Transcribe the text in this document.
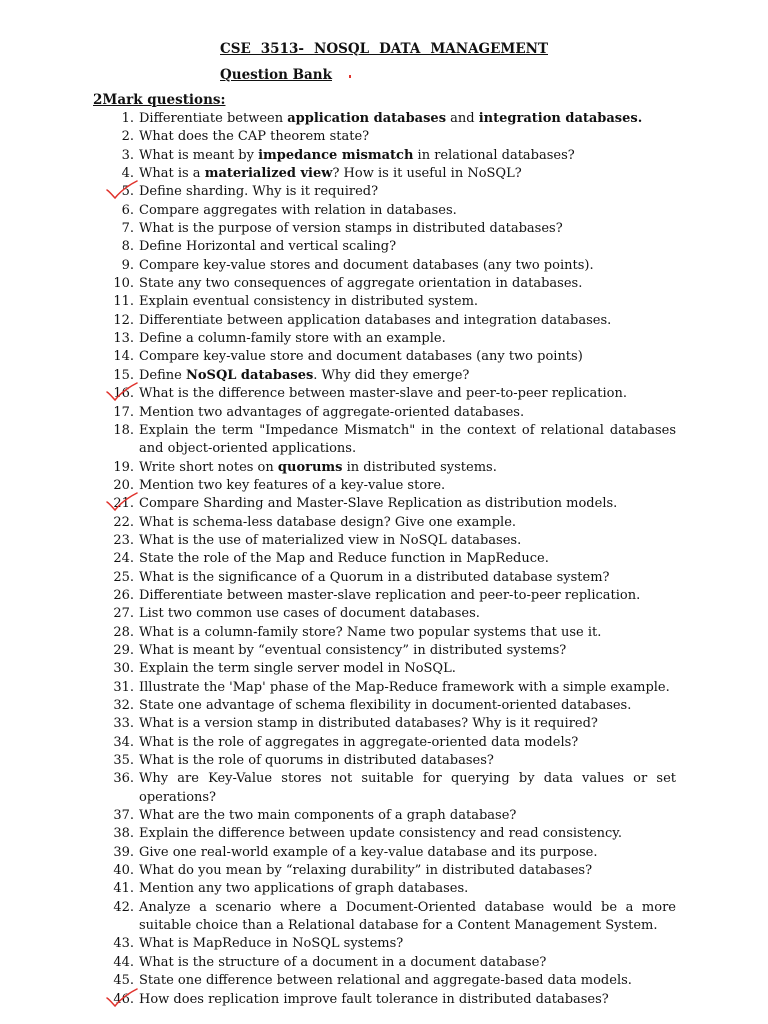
CSE 3513- NOSQL DATA MANAGEMENT
Question Bank
2Mark questions:
1. Differentiate between application databases and integration databases.
2. What does the CAP theorem state?
3. What is meant by impedance mismatch in relational databases?
4. What is a materialized view? How is it useful in NoSQL?
5. Define sharding. Why is it required?
6. Compare aggregates with relation in databases.
7. What is the purpose of version stamps in distributed databases?
8. Define Horizontal and vertical scaling?
9. Compare key-value stores and document databases (any two points).
10. State any two consequences of aggregate orientation in databases.
11. Explain eventual consistency in distributed system.
12. Differentiate between application databases and integration databases.
13. Define a column-family store with an example.
14. Compare key-value store and document databases (any two points)
15. Define NoSQL databases. Why did they emerge?
16. What is the difference between master-slave and peer-to-peer replication.
17. Mention two advantages of aggregate-oriented databases.
18. Explain the term "Impedance Mismatch" in the context of relational databases and object-oriented applications.
19. Write short notes on quorums in distributed systems.
20. Mention two key features of a key-value store.
21. Compare Sharding and Master-Slave Replication as distribution models.
22. What is schema-less database design? Give one example.
23. What is the use of materialized view in NoSQL databases.
24. State the role of the Map and Reduce function in MapReduce.
25. What is the significance of a Quorum in a distributed database system?
26. Differentiate between master-slave replication and peer-to-peer replication.
27. List two common use cases of document databases.
28. What is a column-family store? Name two popular systems that use it.
29. What is meant by “eventual consistency” in distributed systems?
30. Explain the term single server model in NoSQL.
31. Illustrate the 'Map' phase of the Map-Reduce framework with a simple example.
32. State one advantage of schema flexibility in document-oriented databases.
33. What is a version stamp in distributed databases? Why is it required?
34. What is the role of aggregates in aggregate-oriented data models?
35. What is the role of quorums in distributed databases?
36. Why are Key-Value stores not suitable for querying by data values or set operations?
37. What are the two main components of a graph database?
38. Explain the difference between update consistency and read consistency.
39. Give one real-world example of a key-value database and its purpose.
40. What do you mean by “relaxing durability” in distributed databases?
41. Mention any two applications of graph databases.
42. Analyze a scenario where a Document-Oriented database would be a more suitable choice than a Relational database for a Content Management System.
43. What is MapReduce in NoSQL systems?
44. What is the structure of a document in a document database?
45. State one difference between relational and aggregate-based data models.
46. How does replication improve fault tolerance in distributed databases?
